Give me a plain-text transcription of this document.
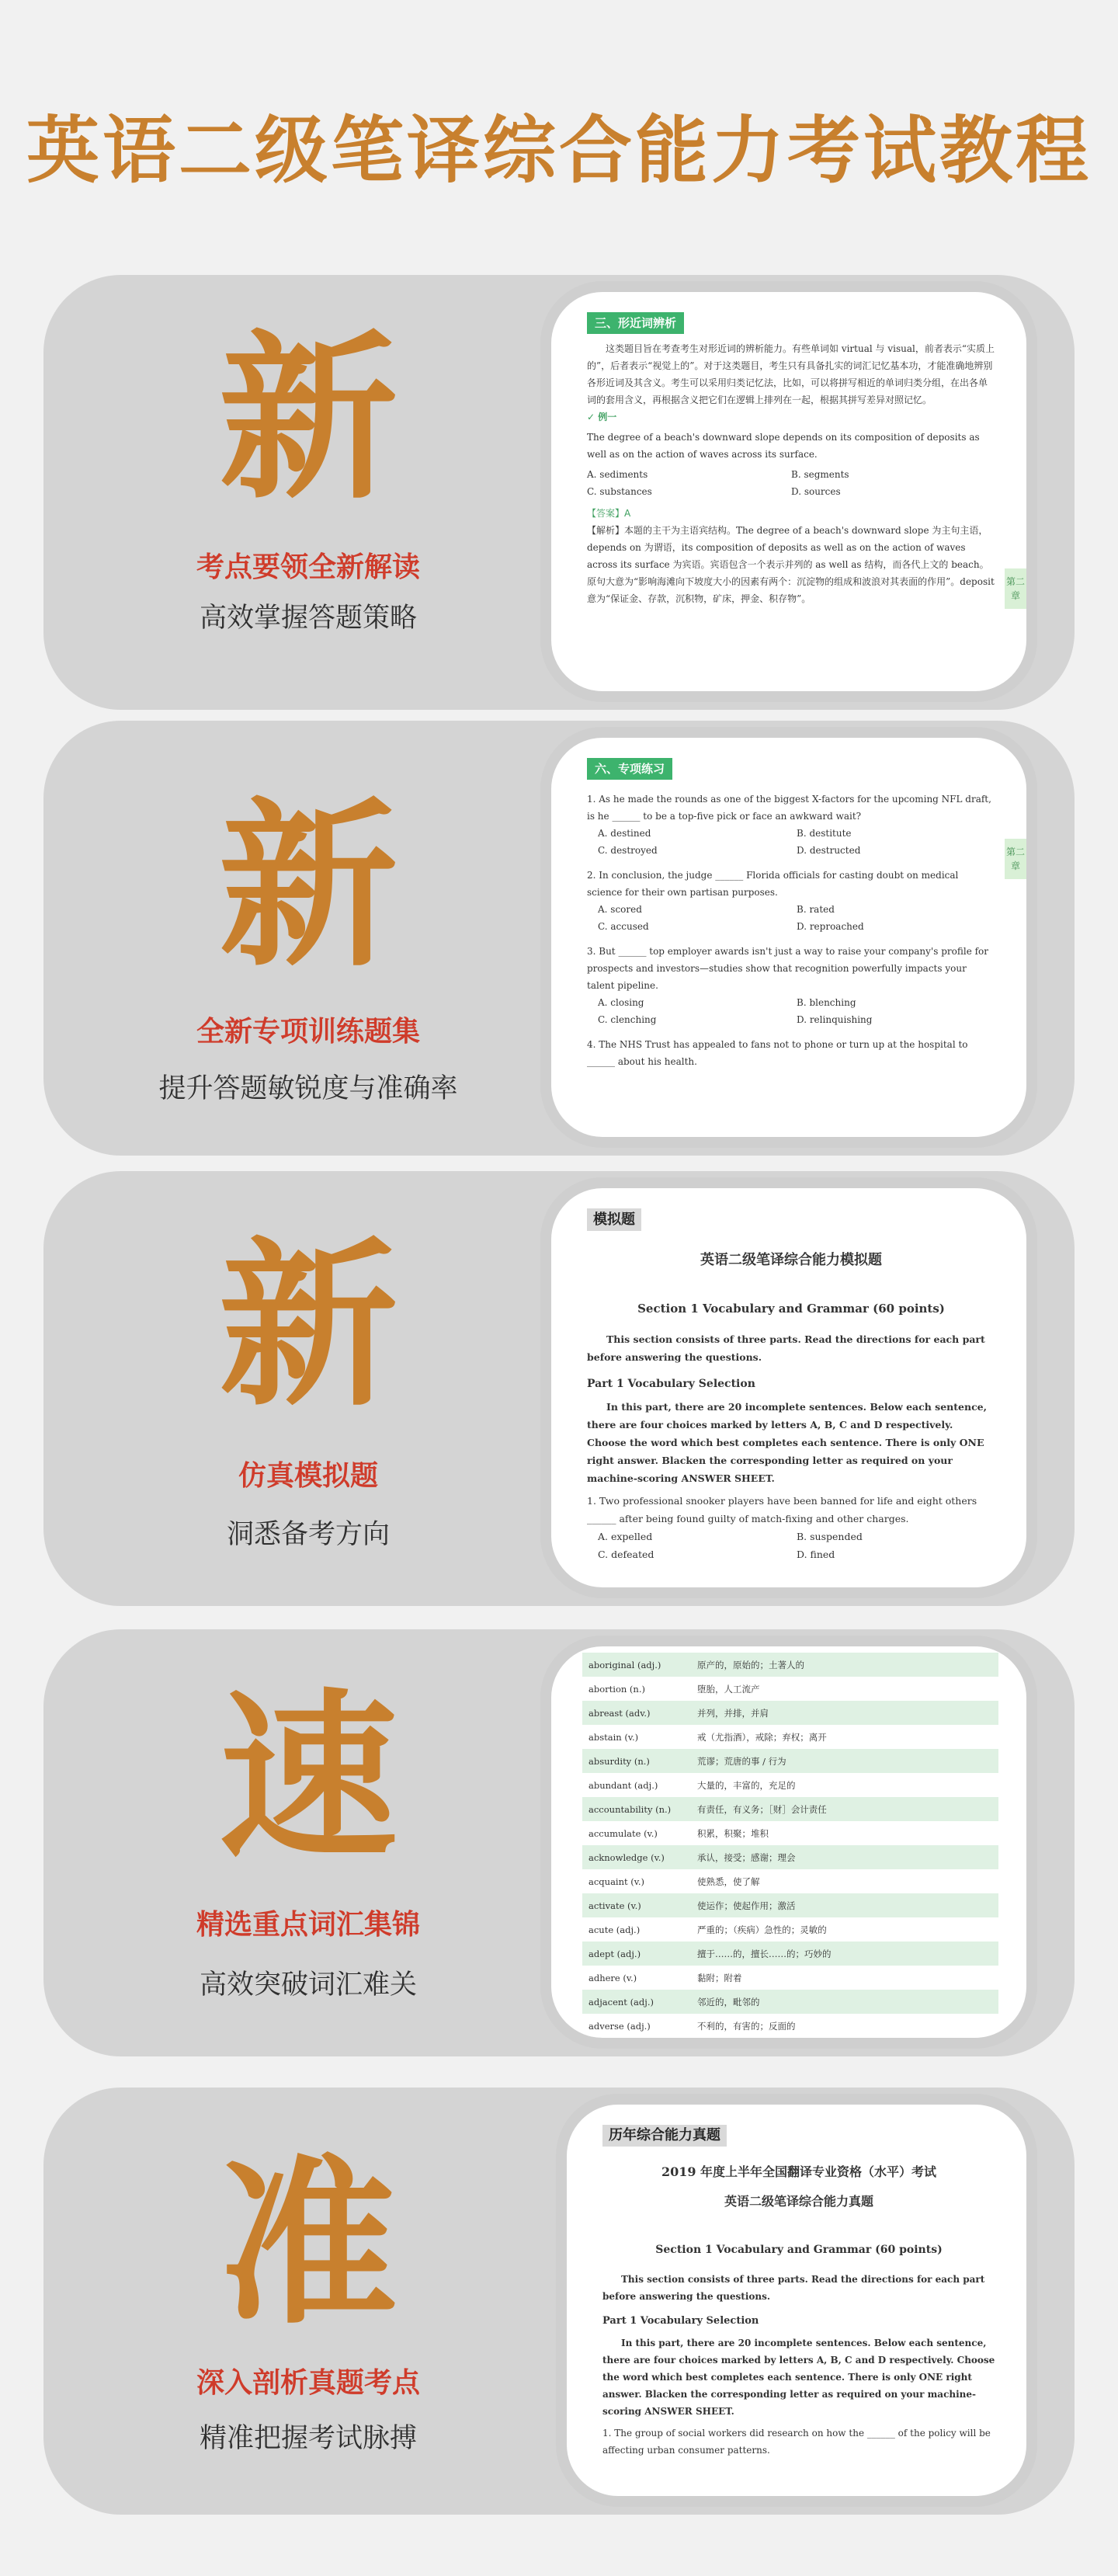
英语二级笔译综合能力考试教程
新
考点要领全新解读
高效掌握答题策略
第二章
三、形近词辨析

这类题目旨在考查考生对形近词的辨析能力。有些单词如 virtual 与 visual，前者表示“实质上的”，后者表示“视觉上的”。对于这类题目，考生只有具备扎实的词汇记忆基本功，才能准确地辨别各形近词及其含义。考生可以采用归类记忆法，比如，可以将拼写相近的单词归类分组，在出各单词的套用含义，再根据含义把它们在逻辑上排列在一起，根据其拼写差异对照记忆。

✓ 例一

The degree of a beach's downward slope depends on its composition of deposits as well as on the action of waves across its surface.

A. sediments	B. segments
C. substances	D. sources

【答案】A

【解析】本题的主干为主语宾结构。The degree of a beach's downward slope 为主句主语，depends on 为谓语，its composition of deposits as well as on the action of waves across its surface 为宾语。宾语包含一个表示并列的 as well as 结构，而各代上文的 beach。原句大意为“影响海滩向下坡度大小的因素有两个：沉淀物的组成和波浪对其表面的作用”。deposit 意为“保证金、存款，沉积物，矿床，押金、积存物”。

新
全新专项训练题集
提升答题敏锐度与准确率
第二章
六、专项练习

1. As he made the rounds as one of the biggest X-factors for the upcoming NFL draft, is he ______ to be a top-five pick or face an awkward wait?

A. destined	B. destitute
C. destroyed	D. destructed

2. In conclusion, the judge ______ Florida officials for casting doubt on medical science for their own partisan purposes.

A. scored	B. rated
C. accused	D. reproached

3. But ______ top employer awards isn't just a way to raise your company's profile for prospects and investors—studies show that recognition powerfully impacts your talent pipeline.

A. closing	B. blenching
C. clenching	D. relinquishing

4. The NHS Trust has appealed to fans not to phone or turn up at the hospital to ______ about his health.

新
仿真模拟题
洞悉备考方向
模拟题

英语二级笔译综合能力模拟题

Section 1 Vocabulary and Grammar (60 points)

This section consists of three parts. Read the directions for each part before answering the questions.

Part 1 Vocabulary Selection

In this part, there are 20 incomplete sentences. Below each sentence, there are four choices marked by letters A, B, C and D respectively. Choose the word which best completes each sentence. There is only ONE right answer. Blacken the corresponding letter as required on your machine-scoring ANSWER SHEET.

1. Two professional snooker players have been banned for life and eight others ______ after being found guilty of match-fixing and other charges.

A. expelled	B. suspended
C. defeated	D. fined
速
精选重点词汇集锦
高效突破词汇难关
aboriginal (adj.)	原产的，原始的；土著人的
abortion (n.)	堕胎，人工流产
abreast (adv.)	并列，并排，并肩
abstain (v.)	戒（尤指酒），戒除；弃权；离开
absurdity (n.)	荒谬；荒唐的事 / 行为
abundant (adj.)	大量的，丰富的，充足的
accountability (n.)	有责任，有义务；［财］会计责任
accumulate (v.)	积累，积聚；堆积
acknowledge (v.)	承认，接受；感谢；理会
acquaint (v.)	使熟悉，使了解
activate (v.)	使运作；使起作用；激活
acute (adj.)	严重的；（疾病）急性的；灵敏的
adept (adj.)	擅于……的，擅长……的；巧妙的
adhere (v.)	黏附；附着
adjacent (adj.)	邻近的，毗邻的
adverse (adj.)	不利的，有害的；反面的
准
深入剖析真题考点
精准把握考试脉搏
历年综合能力真题

2019 年度上半年全国翻译专业资格（水平）考试

英语二级笔译综合能力真题

Section 1 Vocabulary and Grammar (60 points)

This section consists of three parts. Read the directions for each part before answering the questions.

Part 1 Vocabulary Selection

In this part, there are 20 incomplete sentences. Below each sentence, there are four choices marked by letters A, B, C and D respectively. Choose the word which best completes each sentence. There is only ONE right answer. Blacken the corresponding letter as required on your machine-scoring ANSWER SHEET.

1. The group of social workers did research on how the ______ of the policy will be affecting urban consumer patterns.
